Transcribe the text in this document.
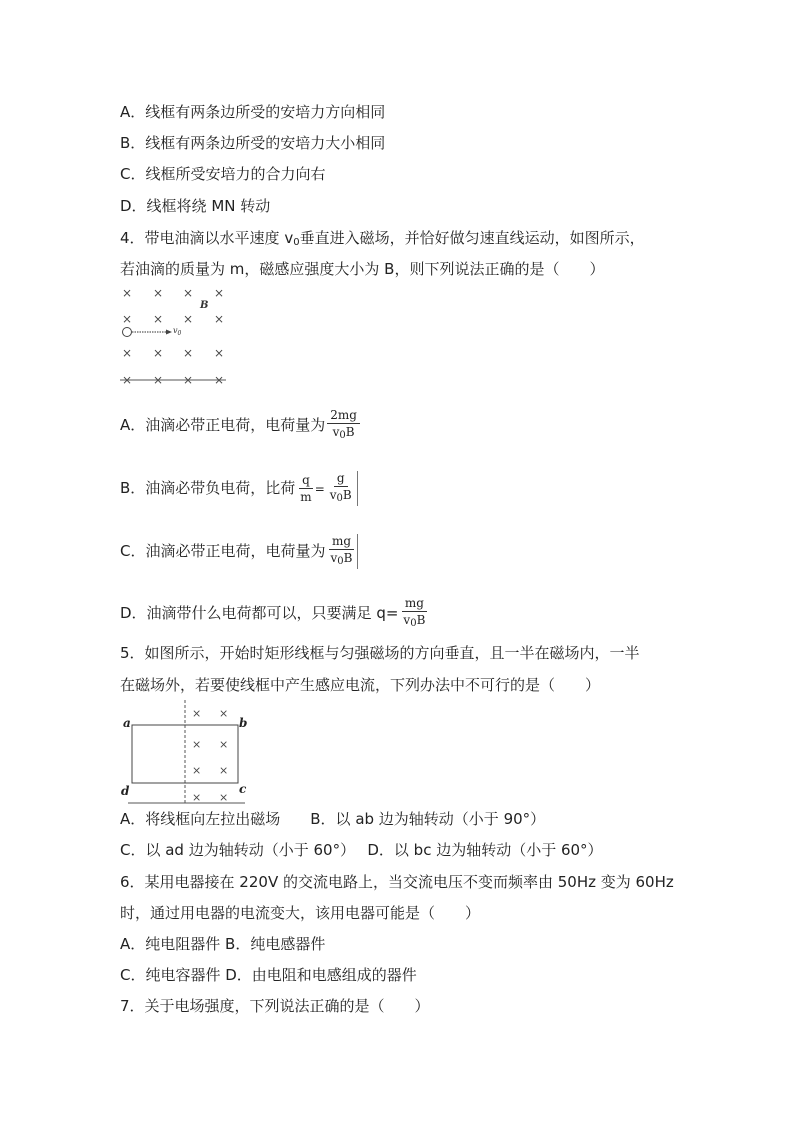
A．线框有两条边所受的安培力方向相同
B．线框有两条边所受的安培力大小相同
C．线框所受安培力的合力向右
D．线框将绕 MN 转动
4．带电油滴以水平速度 $v_0$垂直进入磁场，并恰好做匀速直线运动，如图所示，
若油滴的质量为 m，磁感应强度大小为 B，则下列说法正确的是（　　）
× × × ×
× × × ×
× × × ×
× × × ×
B
$v_0$
A．油滴必带正电荷，电荷量为 $\frac{2mg}{v_0B}$
B．油滴必带负电荷，比荷 $\frac{q}{m} = \frac{g}{v_0B}$
C．油滴必带正电荷，电荷量为 $\frac{mg}{v_0B}$
D．油滴带什么电荷都可以，只要满足 $q= \frac{mg}{v_0B}$
5．如图所示，开始时矩形线框与匀强磁场的方向垂直，且一半在磁场内，一半
在磁场外，若要使线框中产生感应电流，下列办法中不可行的是（　　）
× ×
× ×
× ×
× ×
a	b
d	c
A．将线框向左拉出磁场　　B．以 ab 边为轴转动（小于 90°）
C．以 ad 边为轴转动（小于 60°）　 D．以 bc 边为轴转动（小于 60°）
6．某用电器接在 220V 的交流电路上，当交流电压不变而频率由 50Hz 变为 60Hz
时，通过用电器的电流变大，该用电器可能是（　　）
A．纯电阻器件 B．纯电感器件
C．纯电容器件 D．由电阻和电感组成的器件
7．关于电场强度，下列说法正确的是（　　）
